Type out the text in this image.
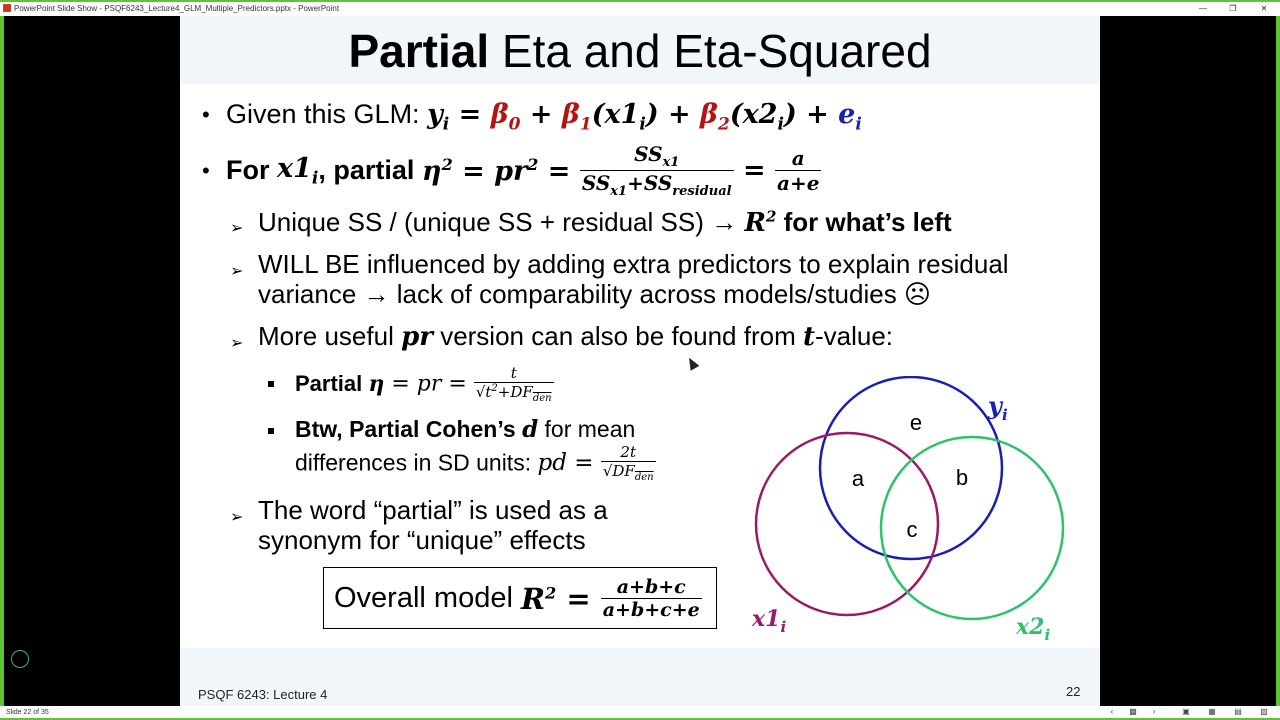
PowerPoint Slide Show - PSQF6243_Lecture4_GLM_Multiple_Predictors.pptx - PowerPoint	—	❐	✕
Partial Eta and Eta-Squared
• Given this GLM: $y_i = \beta_0 + \beta_1(x1_i) + \beta_2(x2_i) + e_i$
• For $x1_i$, partial $\eta^2 = pr^2 = \frac{SS_{x1}}{SS_{x1}+SS_{residual}} = \frac{a}{a+e}$
➢ Unique SS / (unique SS + residual $SS) \to R^2$ for what’s left
➢ WILL BE influenced by adding extra predictors to explain residual
variance → lack of comparability across models/studies ☹
➢ More useful pr version can also be found from t-value:
Partial η = pr = $\frac{t}{√t^2+DF_{den}}$
Btw, Partial Cohen’s d for mean
differences in SD units: pd = $\frac{2t}{√DF_{den}}$
➢ The word “partial” is used as a
synonym for “unique” effects
Overall model $R^2 = \frac{a+b+c}{a+b+c+e}$
e
a	b
c
$y_i$
$x1_i$	$x2_i$
PSQF 6243: Lecture 4	22
Slide 22 of 35	‹	▩	›	▣ ▦ ▤ ▧
